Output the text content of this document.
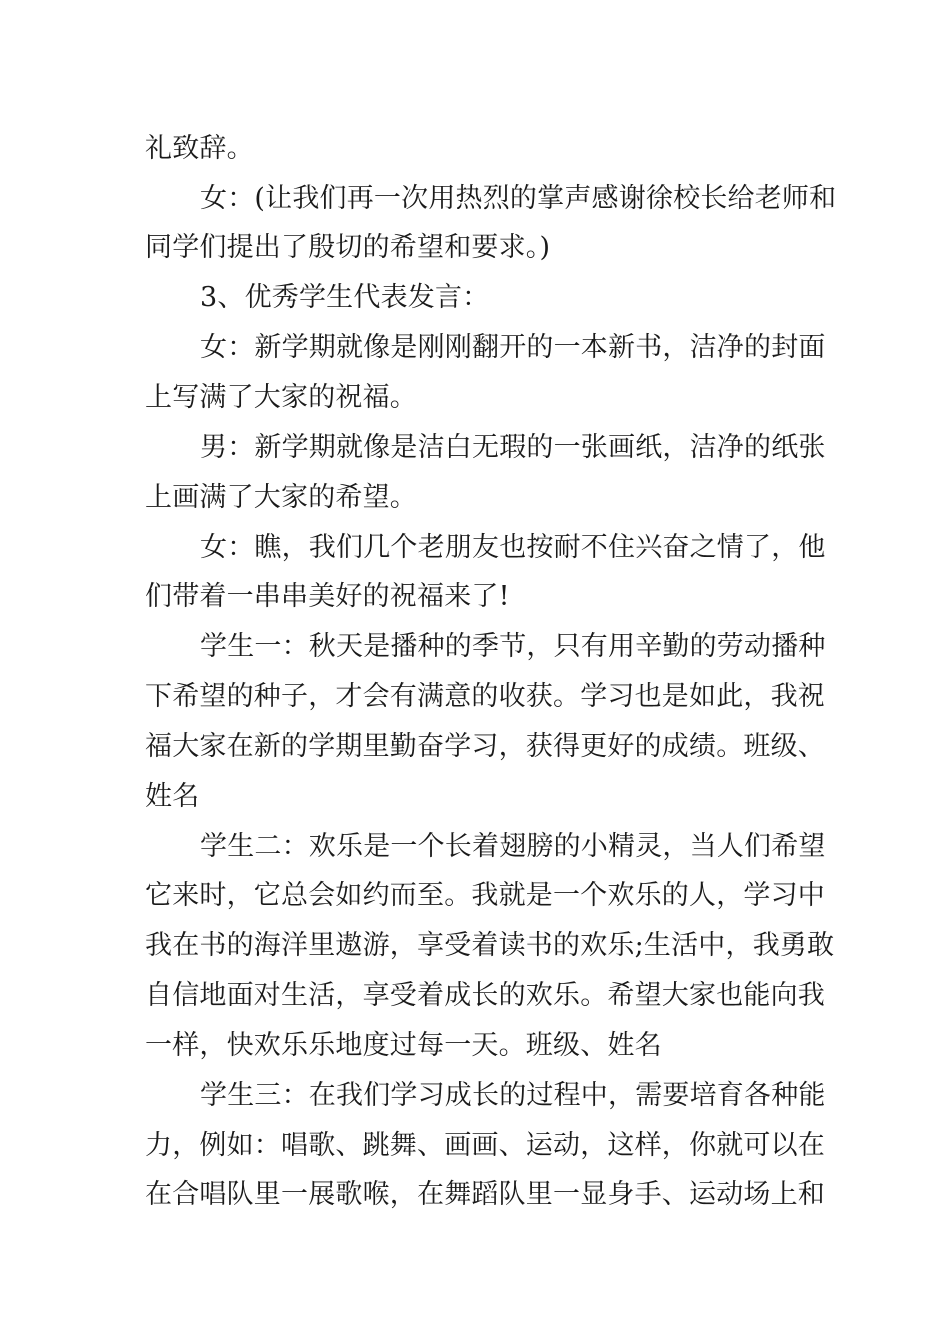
礼致辞。
女：(让我们再一次用热烈的掌声感谢徐校长给老师和
同学们提出了殷切的希望和要求。)
3、优秀学生代表发言：
女：新学期就像是刚刚翻开的一本新书，洁净的封面
上写满了大家的祝福。
男：新学期就像是洁白无瑕的一张画纸，洁净的纸张
上画满了大家的希望。
女：瞧，我们几个老朋友也按耐不住兴奋之情了，他
们带着一串串美好的祝福来了!
学生一：秋天是播种的季节，只有用辛勤的劳动播种
下希望的种子，才会有满意的收获。学习也是如此，我祝
福大家在新的学期里勤奋学习，获得更好的成绩。班级、
姓名
学生二：欢乐是一个长着翅膀的小精灵，当人们希望
它来时，它总会如约而至。我就是一个欢乐的人，学习中
我在书的海洋里遨游，享受着读书的欢乐;生活中，我勇敢
自信地面对生活，享受着成长的欢乐。希望大家也能向我
一样，快欢乐乐地度过每一天。班级、姓名
学生三：在我们学习成长的过程中，需要培育各种能
力，例如：唱歌、跳舞、画画、运动，这样，你就可以在
在合唱队里一展歌喉，在舞蹈队里一显身手、运动场上和
